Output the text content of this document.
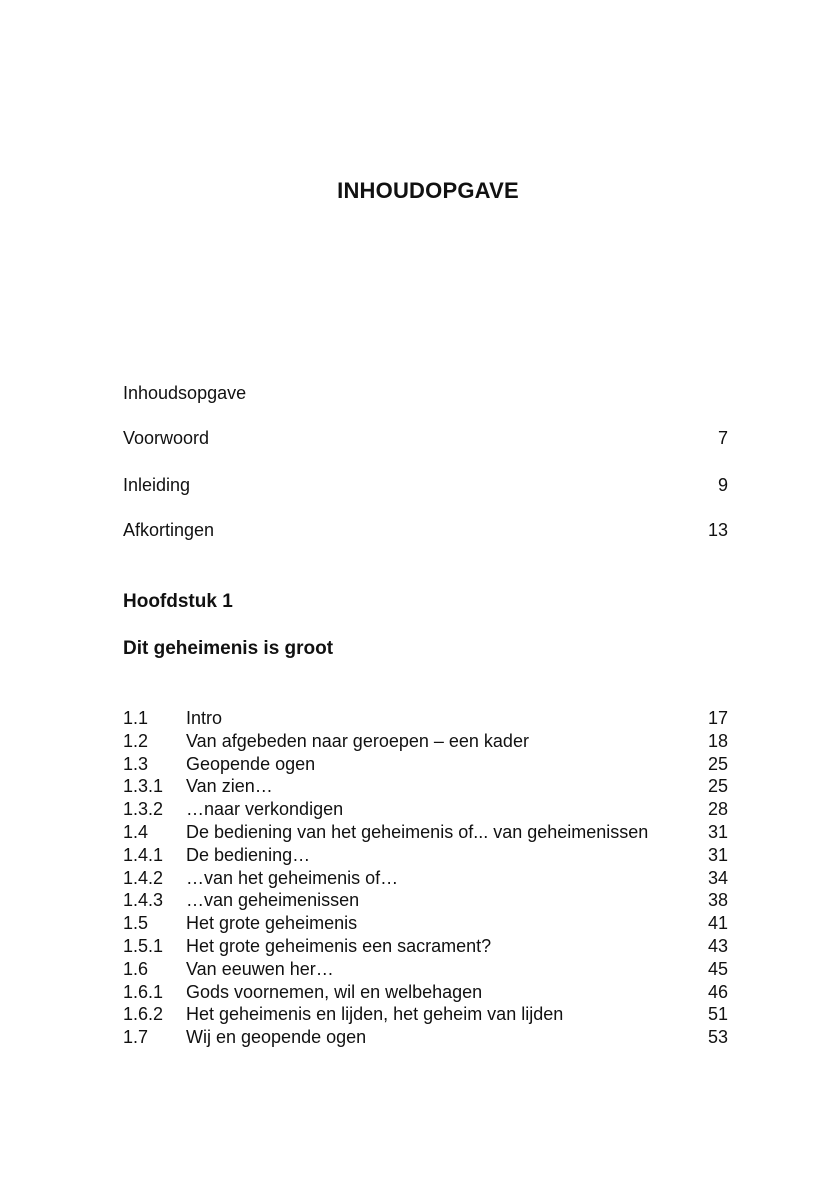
INHOUDOPGAVE
Inhoudsopgave
Voorwoord	7
Inleiding	9
Afkortingen	13
Hoofdstuk 1
Dit geheimenis is groot
1.1	Intro	17
1.2	Van afgebeden naar geroepen – een kader	18
1.3	Geopende ogen	25
1.3.1	Van zien…	25
1.3.2	…naar verkondigen	28
1.4	De bediening van het geheimenis of... van geheimenissen	31
1.4.1	De bediening…	31
1.4.2	…van het geheimenis of…	34
1.4.3	…van geheimenissen	38
1.5	Het grote geheimenis	41
1.5.1	Het grote geheimenis een sacrament?	43
1.6	Van eeuwen her…	45
1.6.1	Gods voornemen, wil en welbehagen	46
1.6.2	Het geheimenis en lijden, het geheim van lijden	51
1.7	Wij en geopende ogen	53
